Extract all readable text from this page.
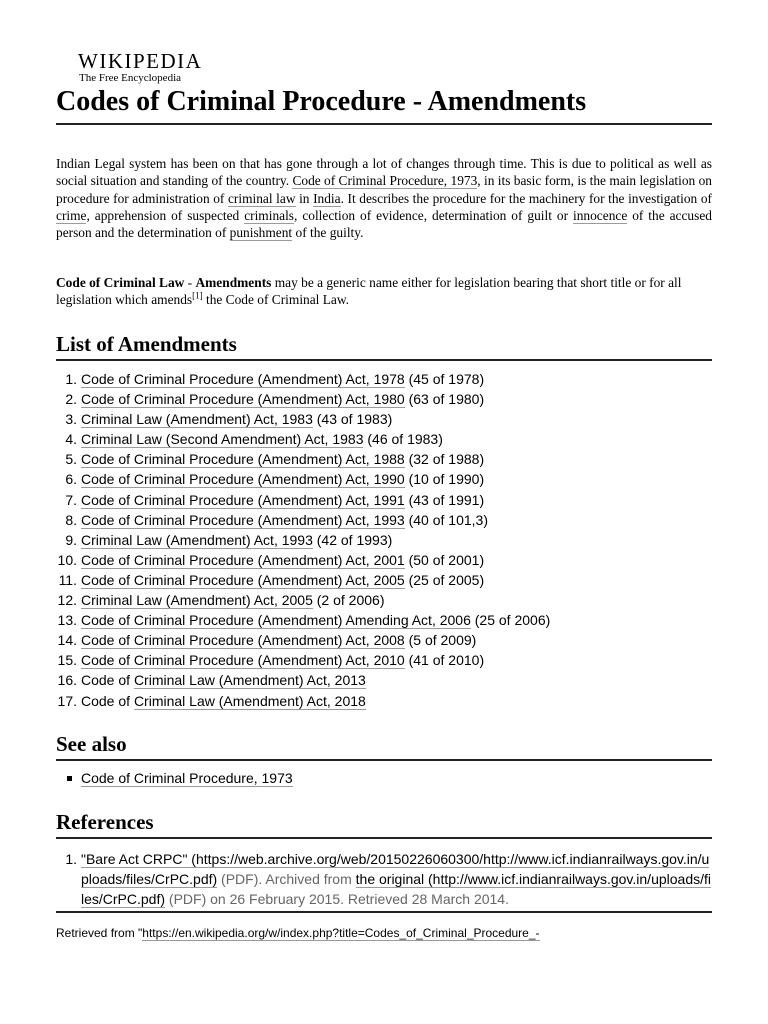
WIKIPEDIA
The Free Encyclopedia
Codes of Criminal Procedure - Amendments

Indian Legal system has been on that has gone through a lot of changes through time. This is due to political as well as social situation and standing of the country. Code of Criminal Procedure, 1973, in its basic form, is the main legislation on procedure for administration of criminal law in India. It describes the procedure for the machinery for the investigation of crime, apprehension of suspected criminals, collection of evidence, determination of guilt or innocence of the accused person and the determination of punishment of the guilty.

Code of Criminal Law - Amendments may be a generic name either for legislation bearing that short title or for all legislation which amends[1] the Code of Criminal Law.

List of Amendments
1. Code of Criminal Procedure (Amendment) Act, 1978 (45 of 1978)
2. Code of Criminal Procedure (Amendment) Act, 1980 (63 of 1980)
3. Criminal Law (Amendment) Act, 1983 (43 of 1983)
4. Criminal Law (Second Amendment) Act, 1983 (46 of 1983)
5. Code of Criminal Procedure (Amendment) Act, 1988 (32 of 1988)
6. Code of Criminal Procedure (Amendment) Act, 1990 (10 of 1990)
7. Code of Criminal Procedure (Amendment) Act, 1991 (43 of 1991)
8. Code of Criminal Procedure (Amendment) Act, 1993 (40 of 101,3)
9. Criminal Law (Amendment) Act, 1993 (42 of 1993)
10. Code of Criminal Procedure (Amendment) Act, 2001 (50 of 2001)
11. Code of Criminal Procedure (Amendment) Act, 2005 (25 of 2005)
12. Criminal Law (Amendment) Act, 2005 (2 of 2006)
13. Code of Criminal Procedure (Amendment) Amending Act, 2006 (25 of 2006)
14. Code of Criminal Procedure (Amendment) Act, 2008 (5 of 2009)
15. Code of Criminal Procedure (Amendment) Act, 2010 (41 of 2010)
16. Code of Criminal Law (Amendment) Act, 2013
17. Code of Criminal Law (Amendment) Act, 2018
See also
Code of Criminal Procedure, 1973
References
1. "Bare Act CRPC" (https://web.archive.org/web/20150226060300/http://www.icf.indianrailways.gov.in/uploads/files/CrPC.pdf) (PDF). Archived from the original (http://www.icf.indianrailways.gov.in/uploads/files/CrPC.pdf) (PDF) on 26 February 2015. Retrieved 28 March 2014.
Retrieved from "https://en.wikipedia.org/w/index.php?title=Codes_of_Criminal_Procedure_-
